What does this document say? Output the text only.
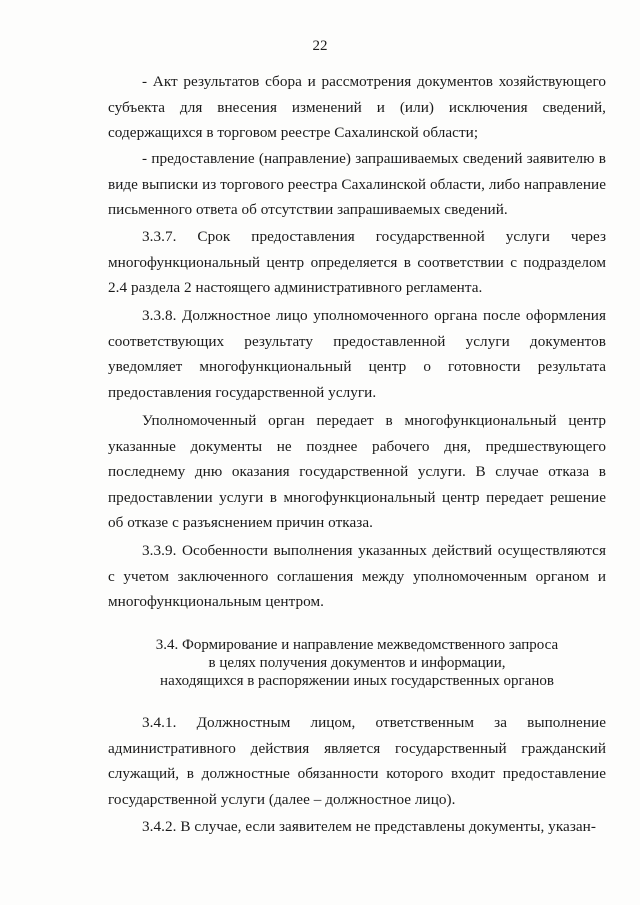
22

- Акт результатов сбора и рассмотрения документов хозяйствующего субъекта для внесения изменений и (или) исключения сведений, содержащихся в торговом реестре Сахалинской области;

- предоставление (направление) запрашиваемых сведений заявителю в виде выписки из торгового реестра Сахалинской области, либо направление письменного ответа об отсутствии запрашиваемых сведений.

3.3.7. Срок предоставления государственной услуги через многофункциональный центр определяется в соответствии с подразделом 2.4 раздела 2 настоящего административного регламента.

3.3.8. Должностное лицо уполномоченного органа после оформления соответствующих результату предоставленной услуги документов уведомляет многофункциональный центр о готовности результата предоставления государственной услуги.

Уполномоченный орган передает в многофункциональный центр указанные документы не позднее рабочего дня, предшествующего последнему дню оказания государственной услуги. В случае отказа в предоставлении услуги в многофункциональный центр передает решение об отказе с разъяснением причин отказа.

3.3.9. Особенности выполнения указанных действий осуществляются с учетом заключенного соглашения между уполномоченным органом и многофункциональным центром.

3.4. Формирование и направление межведомственного запроса
в целях получения документов и информации,
находящихся в распоряжении иных государственных органов

3.4.1. Должностным лицом, ответственным за выполнение административного действия является государственный гражданский служащий, в должностные обязанности которого входит предоставление государственной услуги (далее – должностное лицо).

3.4.2. В случае, если заявителем не представлены документы, указан-
